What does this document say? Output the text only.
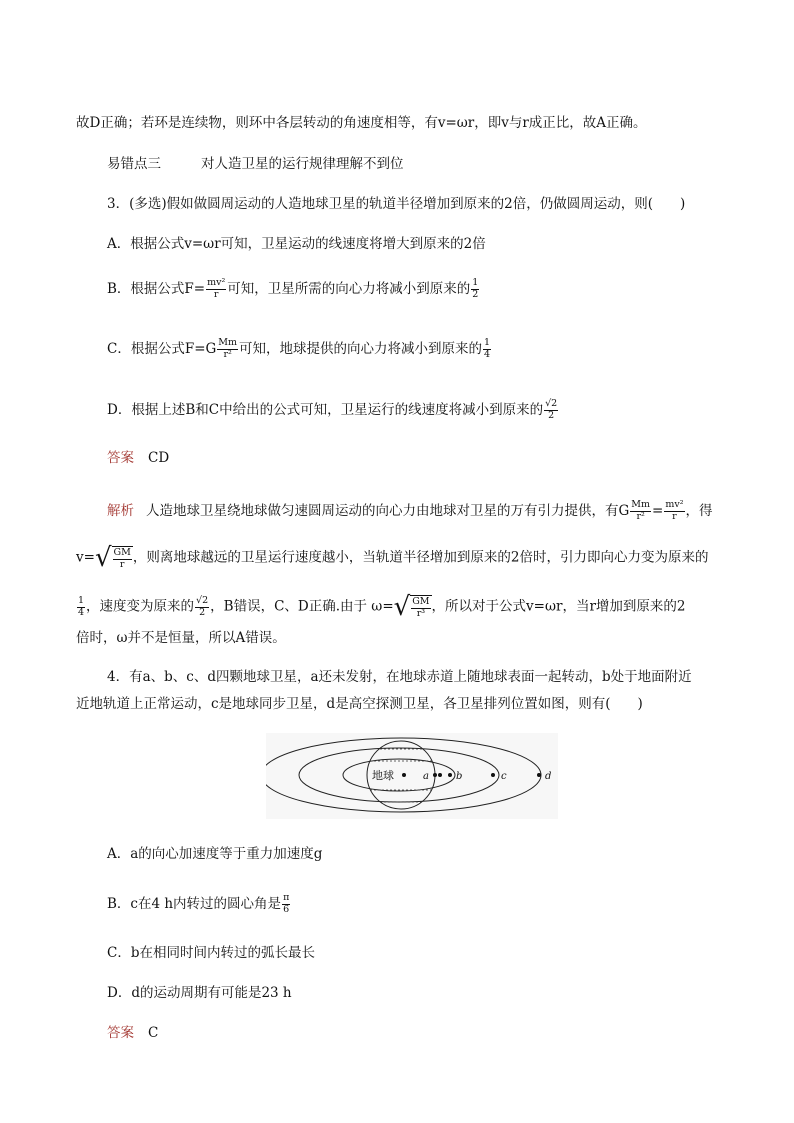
故D正确；若环是连续物，则环中各层转动的角速度相等，有v=ωr，即v与r成正比，故A正确。
易错点三	对人造卫星的运行规律理解不到位
3．(多选)假如做圆周运动的人造地球卫星的轨道半径增加到原来的2倍，仍做圆周运动，则(　　)
A．根据公式v=ωr可知，卫星运动的线速度将增大到原来的2倍
B．根据公式$F= \frac{\text{mv²}}{r}$ 可知，卫星所需的向心力将减小到原来的 $\frac{1}{2}$
C．根据公式$F=G \frac{Mm}{\text{r²}}$ 可知，地球提供的向心力将减小到原来的 $\frac{1}{4}$
D．根据上述B和C中给出的公式可知，卫星运行的线速度将减小到原来的 $\frac{√2}{2}$
答案 CD
解析 人造地球卫星绕地球做匀速圆周运动的向心力由地球对卫星的万有引力提供，有G $\frac{Mm}{\text{r²}} = \frac{\text{mv²}}{r}$ ，得
$v=√ \frac{GM}{r}$ ，则离地球越远的卫星运行速度越小，当轨道半径增加到原来的2倍时，引力即向心力变为原来的
$\frac{1}{4}$ ，速度变为原来的 $\frac{√2}{2}$ ，B错误，C、D正确.由于 $\omega=√ \frac{GM}{\text{r³}}$ ，所以对于公式v=ωr，当r增加到原来的2
倍时，ω并不是恒量，所以A错误。
4．有a、b、c、d四颗地球卫星，a还未发射，在地球赤道上随地球表面一起转动，b处于地面附近
近地轨道上正常运动，c是地球同步卫星，d是高空探测卫星，各卫星排列位置如图，则有(　　)
地球	a	b	c	d
A．a的向心加速度等于重力加速度g
B．c在4 h内转过的圆心角是 $\frac{\pi}{6}$
C．b在相同时间内转过的弧长最长
D．d的运动周期有可能是23 h
答案 C
